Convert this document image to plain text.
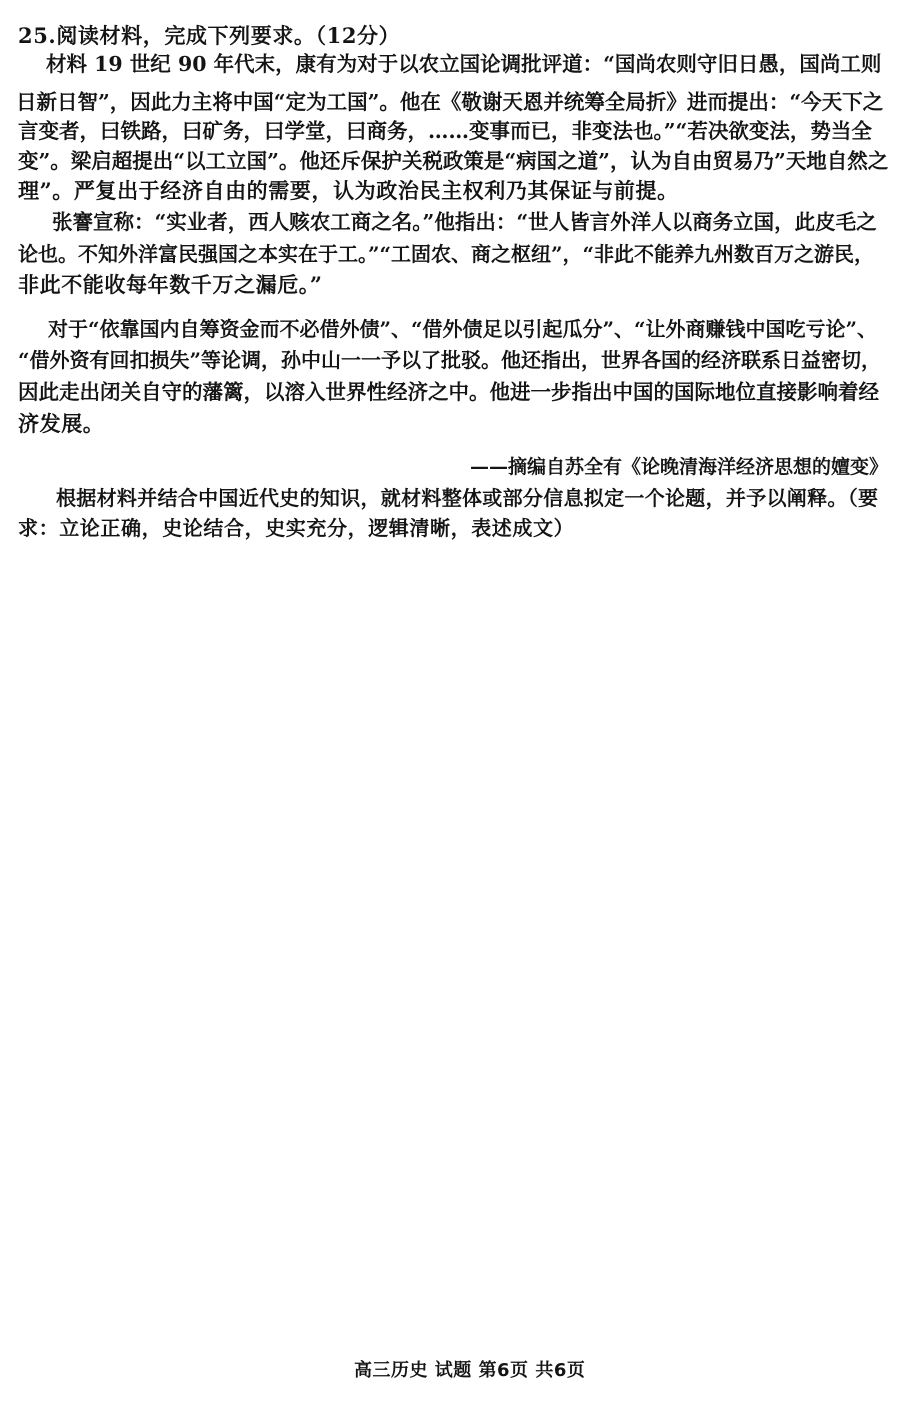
25.阅读材料，完成下列要求。（12分）
材料 19 世纪 90 年代末，康有为对于以农立国论调批评道：“国尚农则守旧日愚，国尚工则
日新日智”，因此力主将中国“定为工国”。他在《敬谢天恩并统筹全局折》进而提出：“今天下之
言变者，曰铁路，曰矿务，曰学堂，曰商务，……变事而已，非变法也。”“若决欲变法，势当全
变”。梁启超提出“以工立国”。他还斥保护关税政策是“病国之道”，认为自由贸易乃”天地自然之
理”。严复出于经济自由的需要，认为政治民主权利乃其保证与前提。
张謇宣称：“实业者，西人赅农工商之名。”他指出：“世人皆言外洋人以商务立国，此皮毛之
论也。不知外洋富民强国之本实在于工。”“工固农、商之枢纽”，“非此不能养九州数百万之游民，
非此不能收每年数千万之漏卮。”
对于“依靠国内自筹资金而不必借外债”、“借外债足以引起瓜分”、“让外商赚钱中国吃亏论”、
“借外资有回扣损失”等论调，孙中山一一予以了批驳。他还指出，世界各国的经济联系日益密切，
因此走出闭关自守的藩篱，以溶入世界性经济之中。他进一步指出中国的国际地位直接影响着经
济发展。
——摘编自苏全有《论晚清海洋经济思想的嬗变》
根据材料并结合中国近代史的知识，就材料整体或部分信息拟定一个论题，并予以阐释。（要
求：立论正确，史论结合，史实充分，逻辑清晰，表述成文）
高三历史 试题 第6页 共6页
